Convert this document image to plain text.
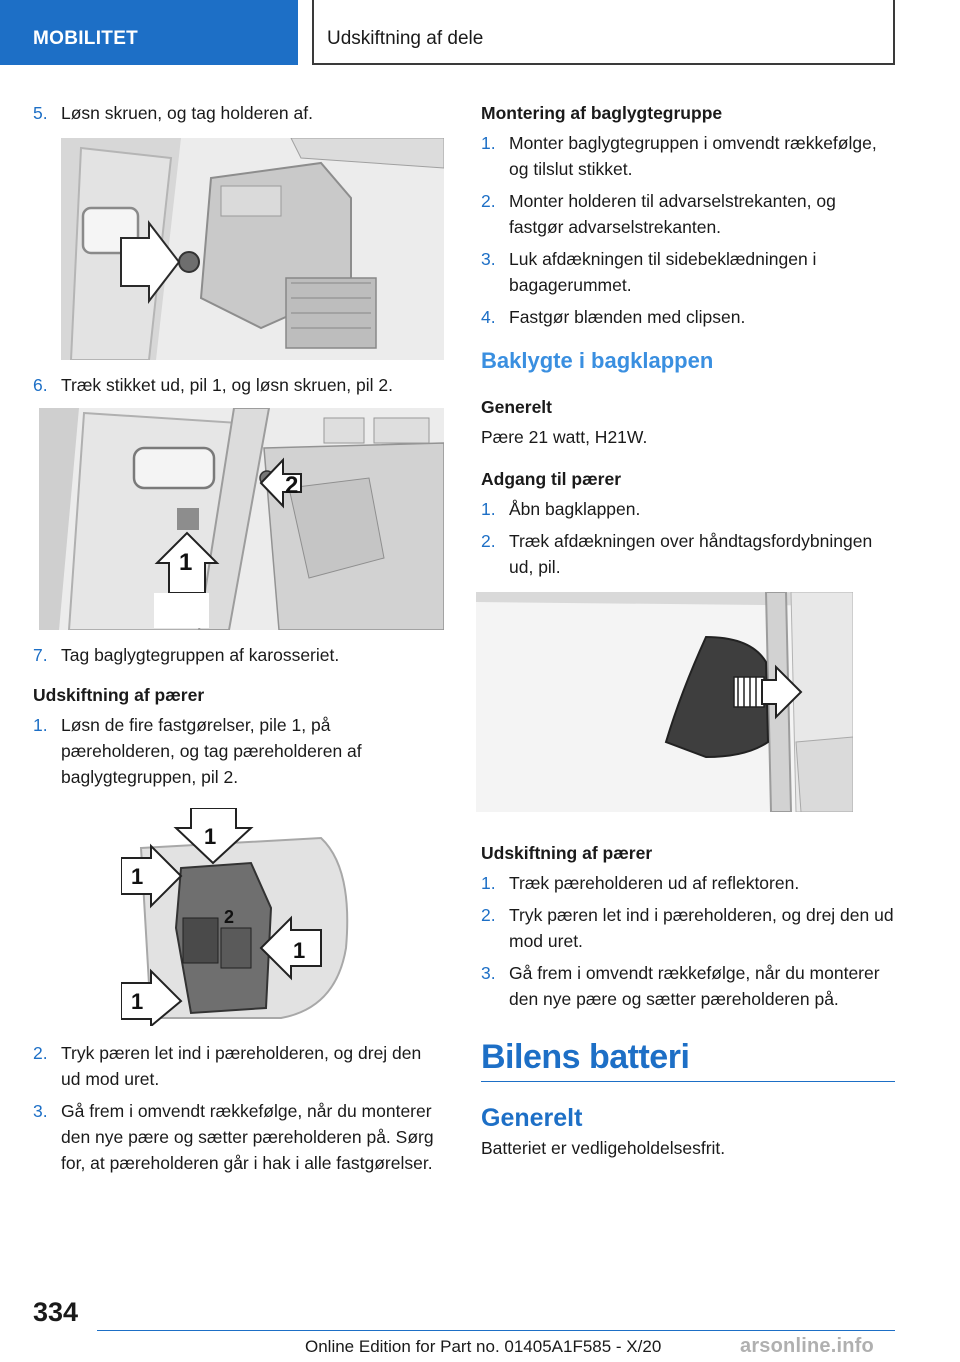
MOBILITET	Udskiftning af dele
5. Løsn skruen, og tag holderen af.
6. Træk stikket ud, pil 1, og løsn skruen, pil 2.
2
1
7. Tag baglygtegruppen af karosseriet.
Udskiftning af pærer
1. Løsn de fire fastgørelser, pile 1, på pæreholderen, og tag pæreholderen af baglygtegruppen, pil 2.
1
1
2
1
1
2. Tryk pæren let ind i pæreholderen, og drej den ud mod uret.
3. Gå frem i omvendt rækkefølge, når du monterer den nye pære og sætter pæreholderen på. Sørg for, at pæreholderen går i hak i alle fastgørelser.
Montering af baglygtegruppe
1. Monter baglygtegruppen i omvendt rækkefølge, og tilslut stikket.
2. Monter holderen til advarselstrekanten, og fastgør advarselstrekanten.
3. Luk afdækningen til sidebeklædningen i bagagerummet.
4. Fastgør blænden med clipsen.
Baklygte i bagklappen
Generelt
Pære 21 watt, H21W.
Adgang til pærer
1. Åbn bagklappen.
2. Træk afdækningen over håndtagsfordybningen ud, pil.
Udskiftning af pærer
1. Træk pæreholderen ud af reflektoren.
2. Tryk pæren let ind i pæreholderen, og drej den ud mod uret.
3. Gå frem i omvendt rækkefølge, når du monterer den nye pære og sætter pæreholderen på.
Bilens batteri
Generelt
Batteriet er vedligeholdelsesfrit.
334
Online Edition for Part no. 01405A1F585 - X/20	arsonline.info
